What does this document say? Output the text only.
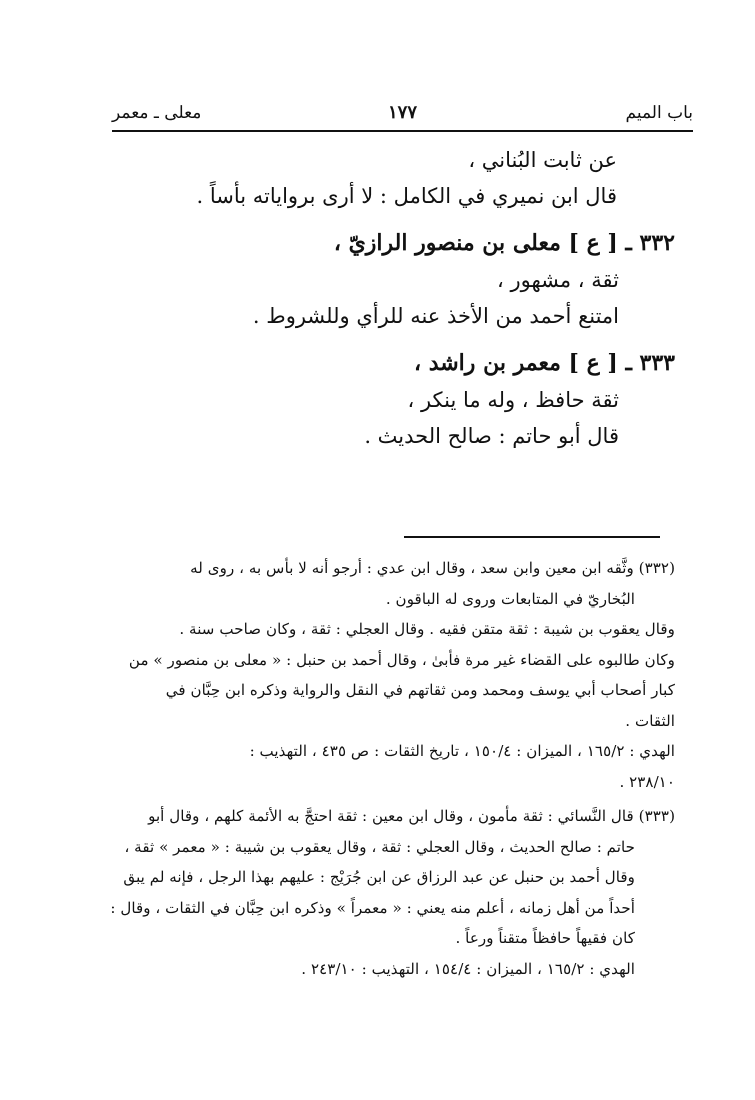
باب الميم
١٧٧
معلى ـ معمر
عن ثابت البُناني ،
قال ابن نميري في الكامل : لا أرى برواياته بأساً .
٣٣٢ ـ [ ع ] معلى بن منصور الرازيّ ،
ثقة ، مشهور ،
امتنع أحمد من الأخذ عنه للرأي وللشروط .
٣٣٣ ـ [ ع ] معمر بن راشد ،
ثقة حافظ ، وله ما ينكر ،
قال أبو حاتم : صالح الحديث .
(٣٣٢) وثَّقه ابن معين وابن سعد ، وقال ابن عدي : أرجو أنه لا بأس به ، روى له
البُخاريّ في المتابعات وروى له الباقون .
وقال يعقوب بن شيبة : ثقة متقن فقيه . وقال العجلي : ثقة ، وكان صاحب سنة .
وكان طالبوه على القضاء غير مرة فأبىٰ ، وقال أحمد بن حنبل : « معلى بن منصور » من
كبار أصحاب أبي يوسف ومحمد ومن ثقاتهم في النقل والرواية وذكره ابن حِبَّان في
الثقات .
الهدي : ١٦٥/٢ ، الميزان : ١٥٠/٤ ، تاريخ الثقات : ص ٤٣٥ ، التهذيب :
٢٣٨/١٠ .
(٣٣٣) قال النَّسائي : ثقة مأمون ، وقال ابن معين : ثقة احتجَّ به الأئمة كلهم ، وقال أبو
حاتم : صالح الحديث ، وقال العجلي : ثقة ، وقال يعقوب بن شيبة : « معمر » ثقة ،
وقال أحمد بن حنبل عن عبد الرزاق عن ابن جُرَيْج : عليهم بهذا الرجل ، فإنه لم يبق
أحداً من أهل زمانه ، أعلم منه يعني : « معمراً » وذكره ابن حِبَّان في الثقات ، وقال :
كان فقيهاً حافظاً متقناً ورعاً .
الهدي : ١٦٥/٢ ، الميزان : ١٥٤/٤ ، التهذيب : ٢٤٣/١٠ .
